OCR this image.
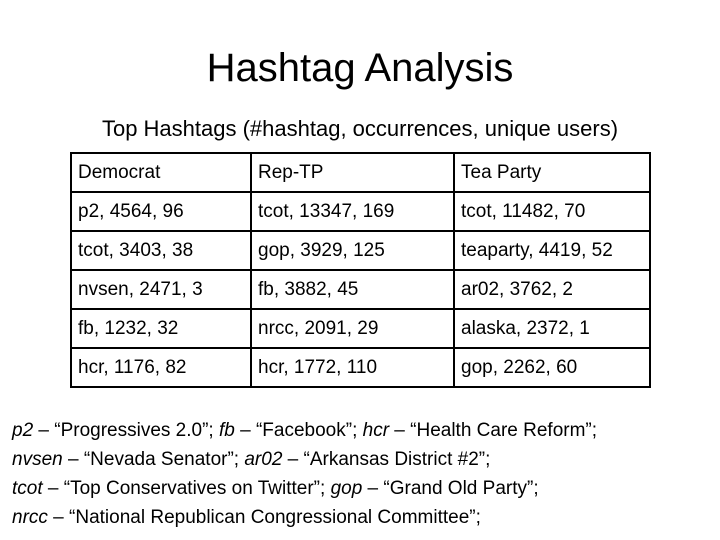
Hashtag Analysis
Top Hashtags (#hashtag, occurrences, unique users)
Democrat	Rep-TP	Tea Party
p2, 4564, 96	tcot, 13347, 169	tcot, 11482, 70
tcot, 3403, 38	gop, 3929, 125	teaparty, 4419, 52
nvsen, 2471, 3	fb, 3882, 45	ar02, 3762, 2
fb, 1232, 32	nrcc, 2091, 29	alaska, 2372, 1
hcr, 1176, 82	hcr, 1772, 110	gop, 2262, 60
p2 – “Progressives 2.0”; fb – “Facebook”; hcr – “Health Care Reform”;
nvsen – “Nevada Senator”; ar02 – “Arkansas District #2”;
tcot – “Top Conservatives on Twitter”; gop – “Grand Old Party”;
nrcc – “National Republican Congressional Committee”;
